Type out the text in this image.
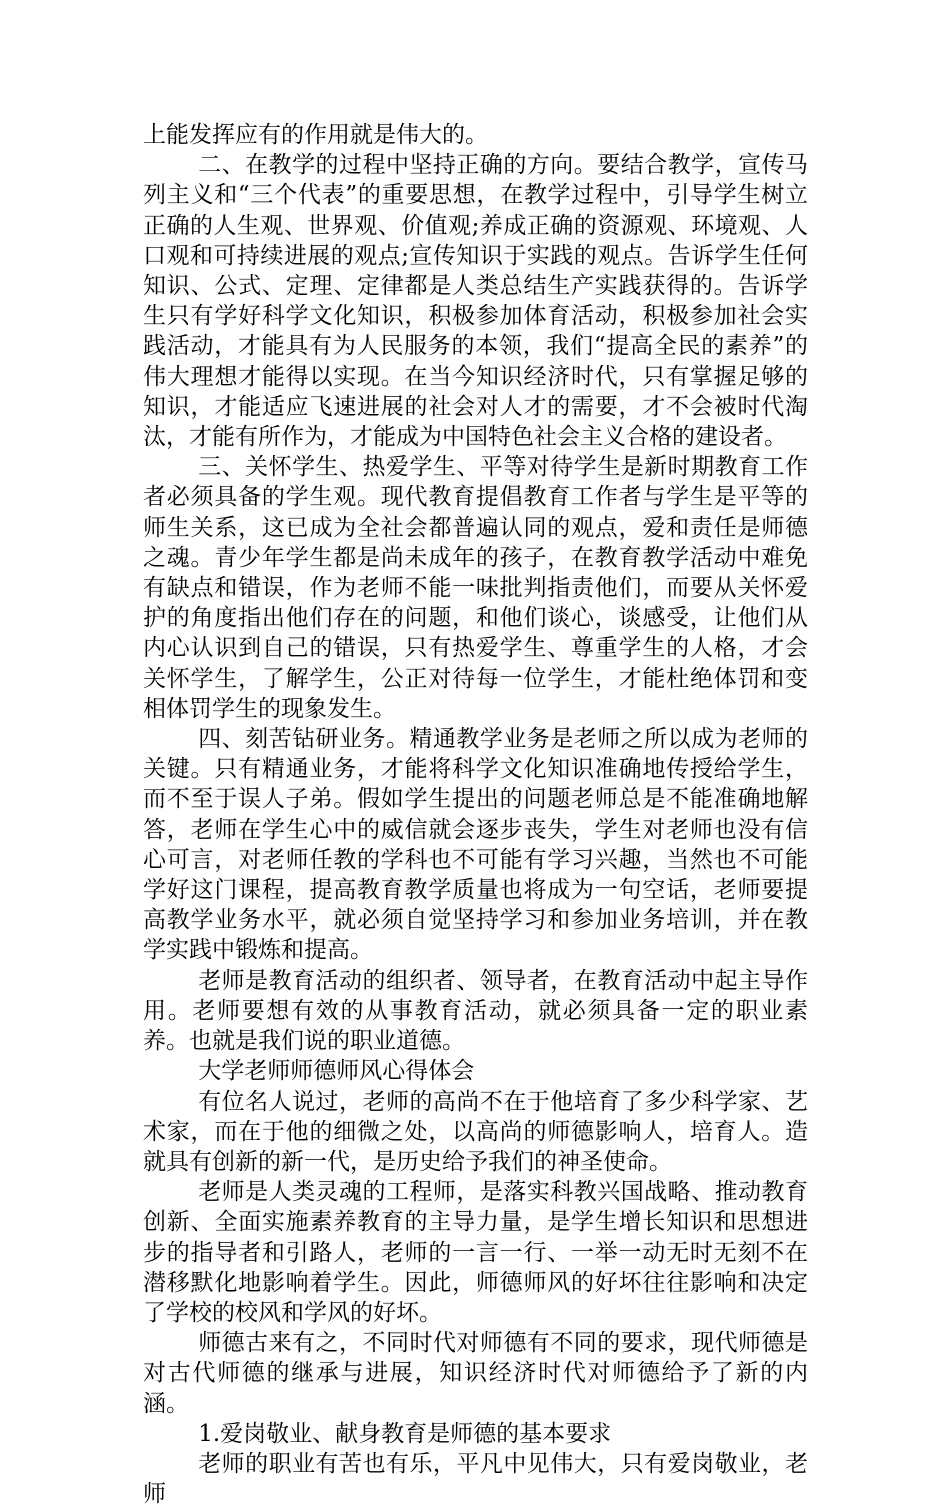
上能发挥应有的作用就是伟大的。

二、在教学的过程中坚持正确的方向。要结合教学，宣传马列主义和“三个代表”的重要思想，在教学过程中，引导学生树立正确的人生观、世界观、价值观;养成正确的资源观、环境观、人口观和可持续进展的观点;宣传知识于实践的观点。告诉学生任何知识、公式、定理、定律都是人类总结生产实践获得的。告诉学生只有学好科学文化知识，积极参加体育活动，积极参加社会实践活动，才能具有为人民服务的本领，我们“提高全民的素养”的伟大理想才能得以实现。在当今知识经济时代，只有掌握足够的知识，才能适应飞速进展的社会对人才的需要，才不会被时代淘汰，才能有所作为，才能成为中国特色社会主义合格的建设者。

三、关怀学生、热爱学生、平等对待学生是新时期教育工作者必须具备的学生观。现代教育提倡教育工作者与学生是平等的师生关系，这已成为全社会都普遍认同的观点，爱和责任是师德之魂。青少年学生都是尚未成年的孩子，在教育教学活动中难免有缺点和错误，作为老师不能一味批判指责他们，而要从关怀爱护的角度指出他们存在的问题，和他们谈心，谈感受，让他们从内心认识到自己的错误，只有热爱学生、尊重学生的人格，才会关怀学生，了解学生，公正对待每一位学生，才能杜绝体罚和变相体罚学生的现象发生。

四、刻苦钻研业务。精通教学业务是老师之所以成为老师的关键。只有精通业务，才能将科学文化知识准确地传授给学生，而不至于误人子弟。假如学生提出的问题老师总是不能准确地解答，老师在学生心中的威信就会逐步丧失，学生对老师也没有信心可言，对老师任教的学科也不可能有学习兴趣，当然也不可能学好这门课程，提高教育教学质量也将成为一句空话，老师要提高教学业务水平，就必须自觉坚持学习和参加业务培训，并在教学实践中锻炼和提高。

老师是教育活动的组织者、领导者，在教育活动中起主导作用。老师要想有效的从事教育活动，就必须具备一定的职业素养。也就是我们说的职业道德。

大学老师师德师风心得体会

有位名人说过，老师的高尚不在于他培育了多少科学家、艺术家，而在于他的细微之处，以高尚的师德影响人，培育人。造就具有创新的新一代，是历史给予我们的神圣使命。

老师是人类灵魂的工程师，是落实科教兴国战略、推动教育创新、全面实施素养教育的主导力量，是学生增长知识和思想进步的指导者和引路人，老师的一言一行、一举一动无时无刻不在潜移默化地影响着学生。因此，师德师风的好坏往往影响和决定了学校的校风和学风的好坏。

师德古来有之，不同时代对师德有不同的要求，现代师德是对古代师德的继承与进展，知识经济时代对师德给予了新的内涵。

1.爱岗敬业、献身教育是师德的基本要求

老师的职业有苦也有乐，平凡中见伟大，只有爱岗敬业，老师
